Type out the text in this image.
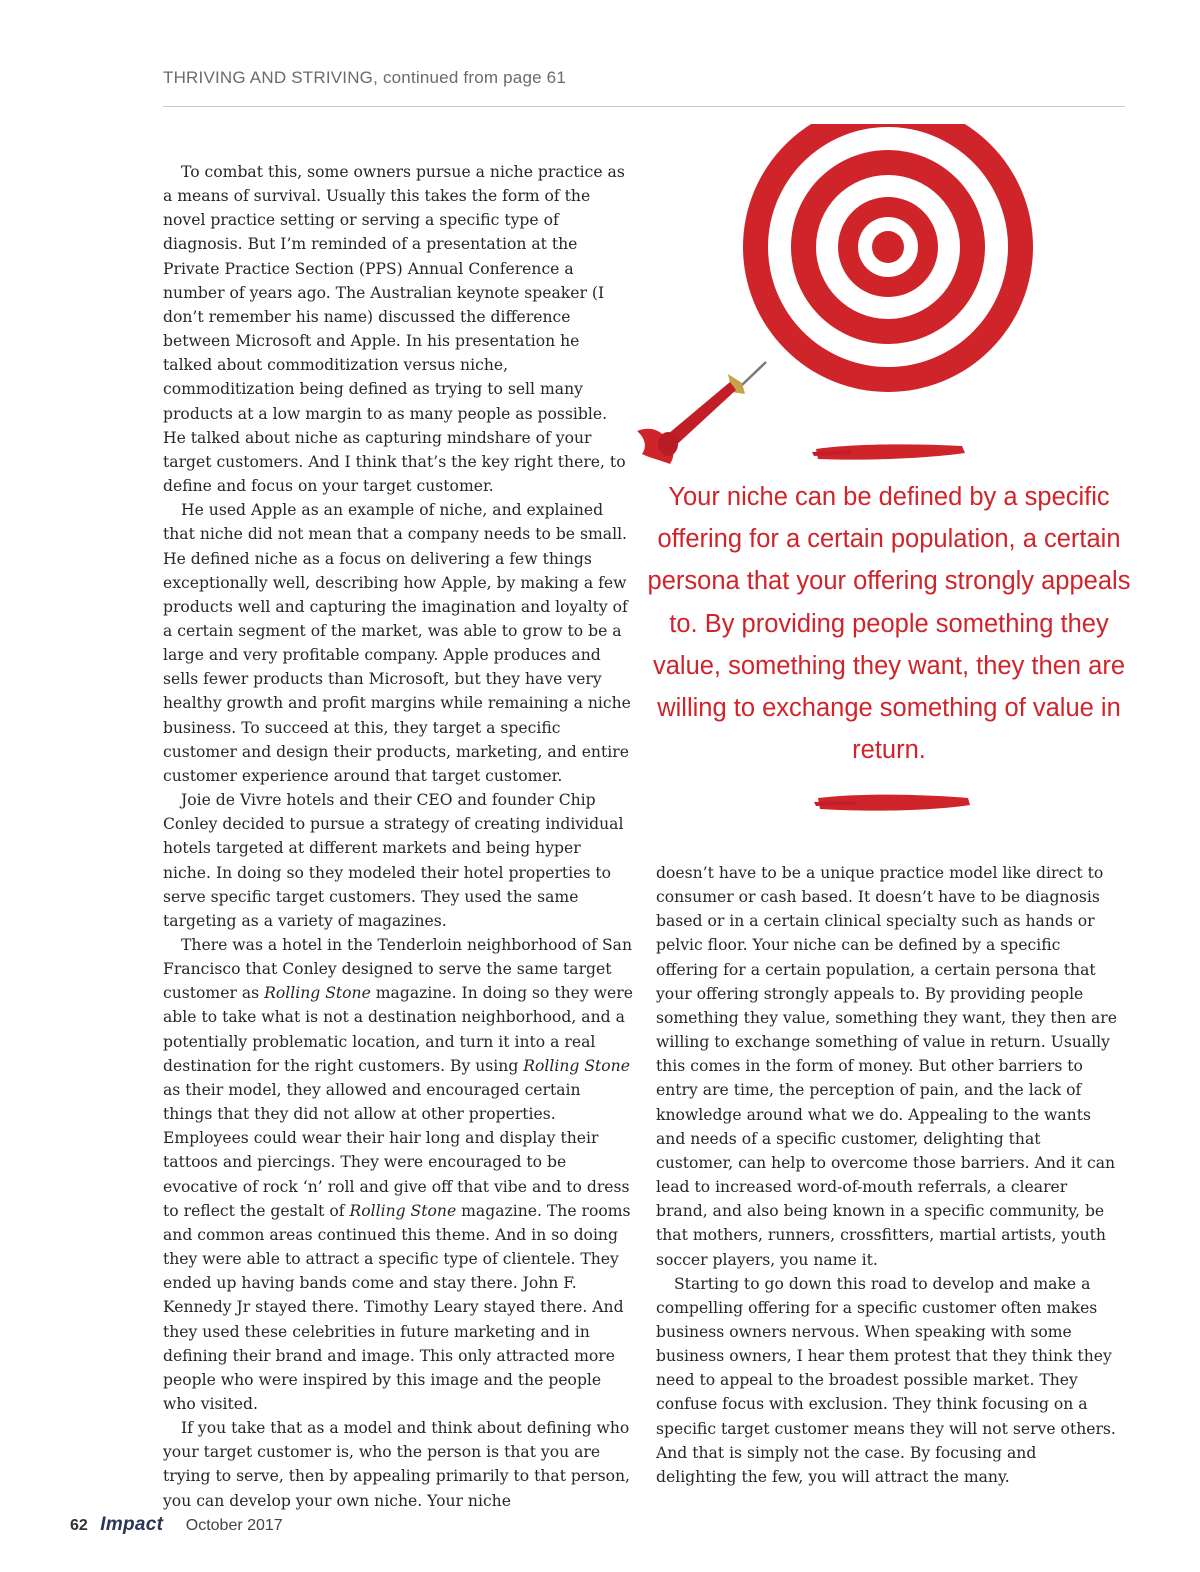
THRIVING AND STRIVING, continued from page 61

To combat this, some owners pursue a niche practice as a means of survival. Usually this takes the form of the novel practice setting or serving a specific type of diagnosis. But I’m reminded of a presentation at the Private Practice Section (PPS) Annual Conference a number of years ago. The Australian keynote speaker (I don’t remember his name) discussed the difference between Microsoft and Apple. In his presentation he talked about commoditization versus niche, commoditization being defined as trying to sell many products at a low margin to as many people as possible. He talked about niche as capturing mindshare of your target customers. And I think that’s the key right there, to define and focus on your target customer.

He used Apple as an example of niche, and explained that niche did not mean that a company needs to be small. He defined niche as a focus on delivering a few things exceptionally well, describing how Apple, by making a few products well and capturing the imagination and loyalty of a certain segment of the market, was able to grow to be a large and very profitable company. Apple produces and sells fewer products than Microsoft, but they have very healthy growth and profit margins while remaining a niche business. To succeed at this, they target a specific customer and design their products, marketing, and entire customer experience around that target customer.

Joie de Vivre hotels and their CEO and founder Chip Conley decided to pursue a strategy of creating individual hotels targeted at different markets and being hyper niche. In doing so they modeled their hotel properties to serve specific target customers. They used the same targeting as a variety of magazines.

There was a hotel in the Tenderloin neighborhood of San Francisco that Conley designed to serve the same target customer as Rolling Stone magazine. In doing so they were able to take what is not a destination neighborhood, and a potentially problematic location, and turn it into a real destination for the right customers. By using Rolling Stone as their model, they allowed and encouraged certain things that they did not allow at other properties. Employees could wear their hair long and display their tattoos and piercings. They were encouraged to be evocative of rock ‘n’ roll and give off that vibe and to dress to reflect the gestalt of Rolling Stone magazine. The rooms and common areas continued this theme. And in so doing they were able to attract a specific type of clientele. They ended up having bands come and stay there. John F. Kennedy Jr stayed there. Timothy Leary stayed there. And they used these celebrities in future marketing and in defining their brand and image. This only attracted more people who were inspired by this image and the people who visited.

If you take that as a model and think about defining who your target customer is, who the person is that you are trying to serve, then by appealing primarily to that person, you can develop your own niche. Your niche

Your niche can be defined by a specific offering for a certain population, a certain persona that your offering strongly appeals to. By providing people something they value, something they want, they then are willing to exchange something of value in return.

doesn’t have to be a unique practice model like direct to consumer or cash based. It doesn’t have to be diagnosis based or in a certain clinical specialty such as hands or pelvic floor. Your niche can be defined by a specific offering for a certain population, a certain persona that your offering strongly appeals to. By providing people something they value, something they want, they then are willing to exchange something of value in return. Usually this comes in the form of money. But other barriers to entry are time, the perception of pain, and the lack of knowledge around what we do. Appealing to the wants and needs of a specific customer, delighting that customer, can help to overcome those barriers. And it can lead to increased word-of-mouth referrals, a clearer brand, and also being known in a specific community, be that mothers, runners, crossfitters, martial artists, youth soccer players, you name it.

Starting to go down this road to develop and make a compelling offering for a specific customer often makes business owners nervous. When speaking with some business owners, I hear them protest that they think they need to appeal to the broadest possible market. They confuse focus with exclusion. They think focusing on a specific target customer means they will not serve others. And that is simply not the case. By focusing and delighting the few, you will attract the many.

62 Impact October 2017
